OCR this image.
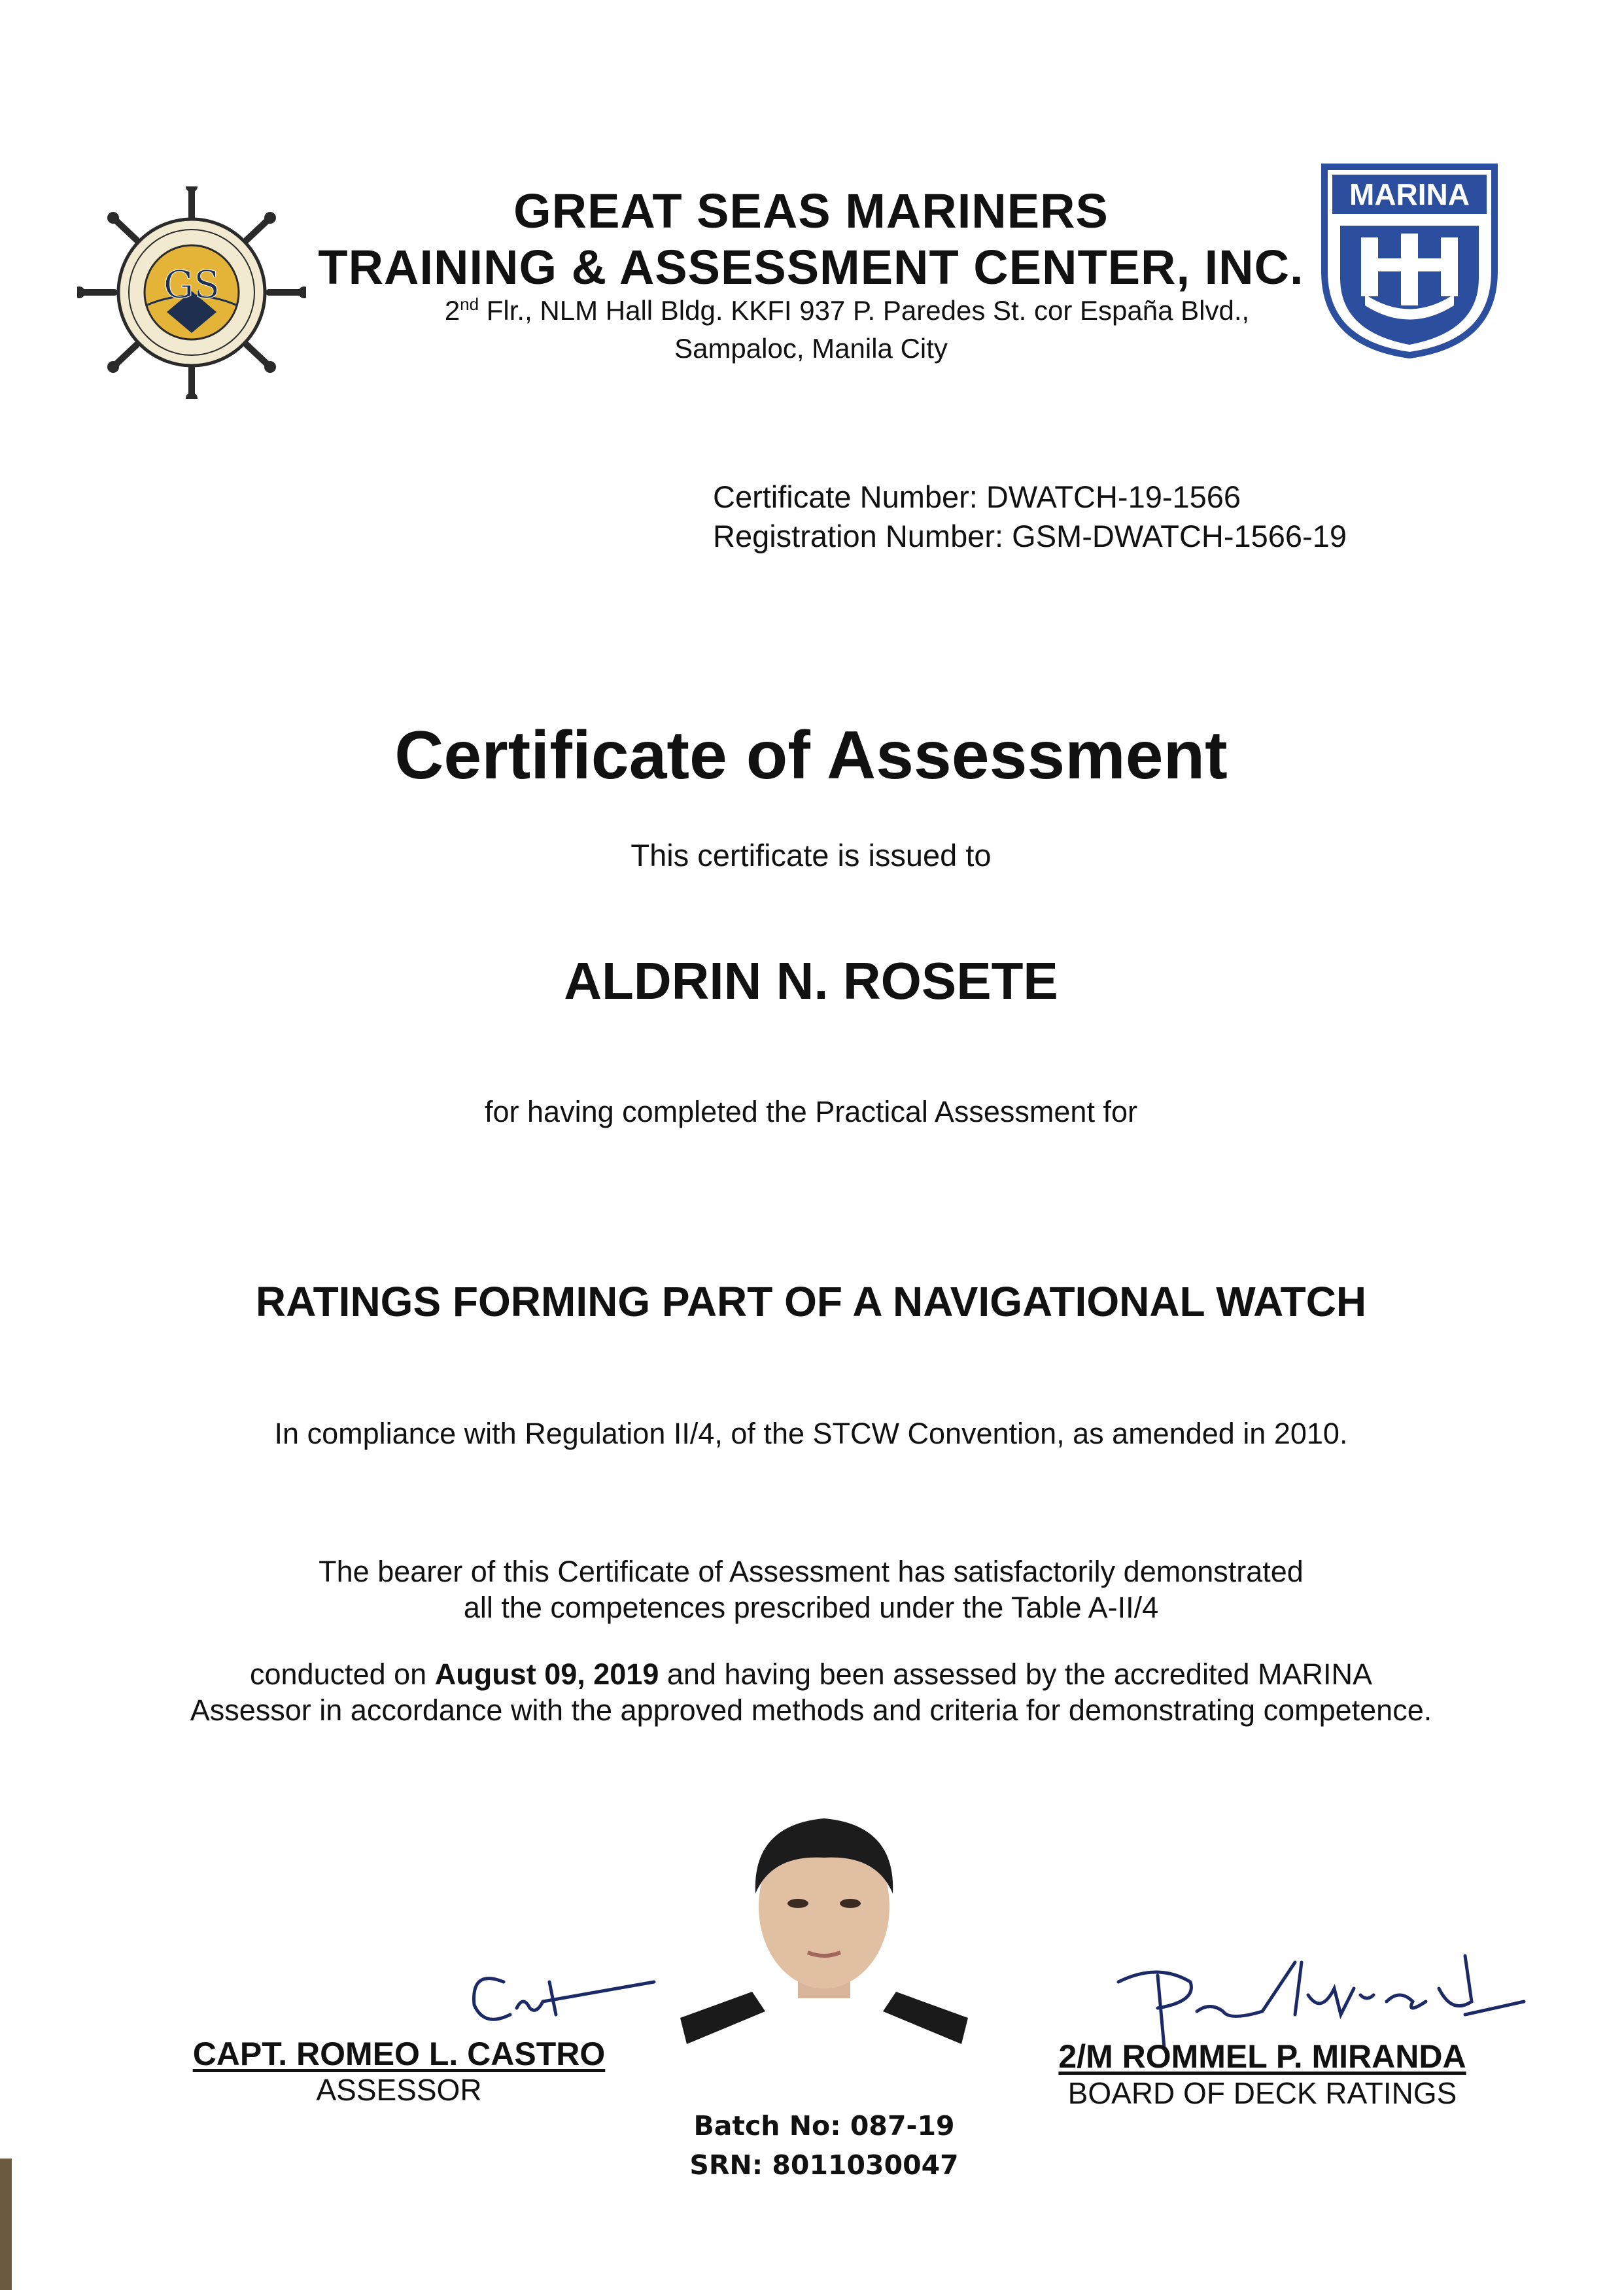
GS
MARINA
GREAT SEAS MARINERS
TRAINING & ASSESSMENT CENTER, INC.
2nd Flr., NLM Hall Bldg. KKFI 937 P. Paredes St. cor España Blvd.,
Sampaloc, Manila City
Certificate Number: DWATCH-19-1566
Registration Number: GSM-DWATCH-1566-19
Certificate of Assessment
This certificate is issued to
ALDRIN N. ROSETE
for having completed the Practical Assessment for
RATINGS FORMING PART OF A NAVIGATIONAL WATCH
In compliance with Regulation II/4, of the STCW Convention, as amended in 2010.
The bearer of this Certificate of Assessment has satisfactorily demonstrated
all the competences prescribed under the Table A-II/4
conducted on August 09, 2019 and having been assessed by the accredited MARINA
Assessor in accordance with the approved methods and criteria for demonstrating competence.
Batch No: 087-19
SRN: 8011030047
CAPT. ROMEO L. CASTRO
ASSESSOR
2/M ROMMEL P. MIRANDA
BOARD OF DECK RATINGS
